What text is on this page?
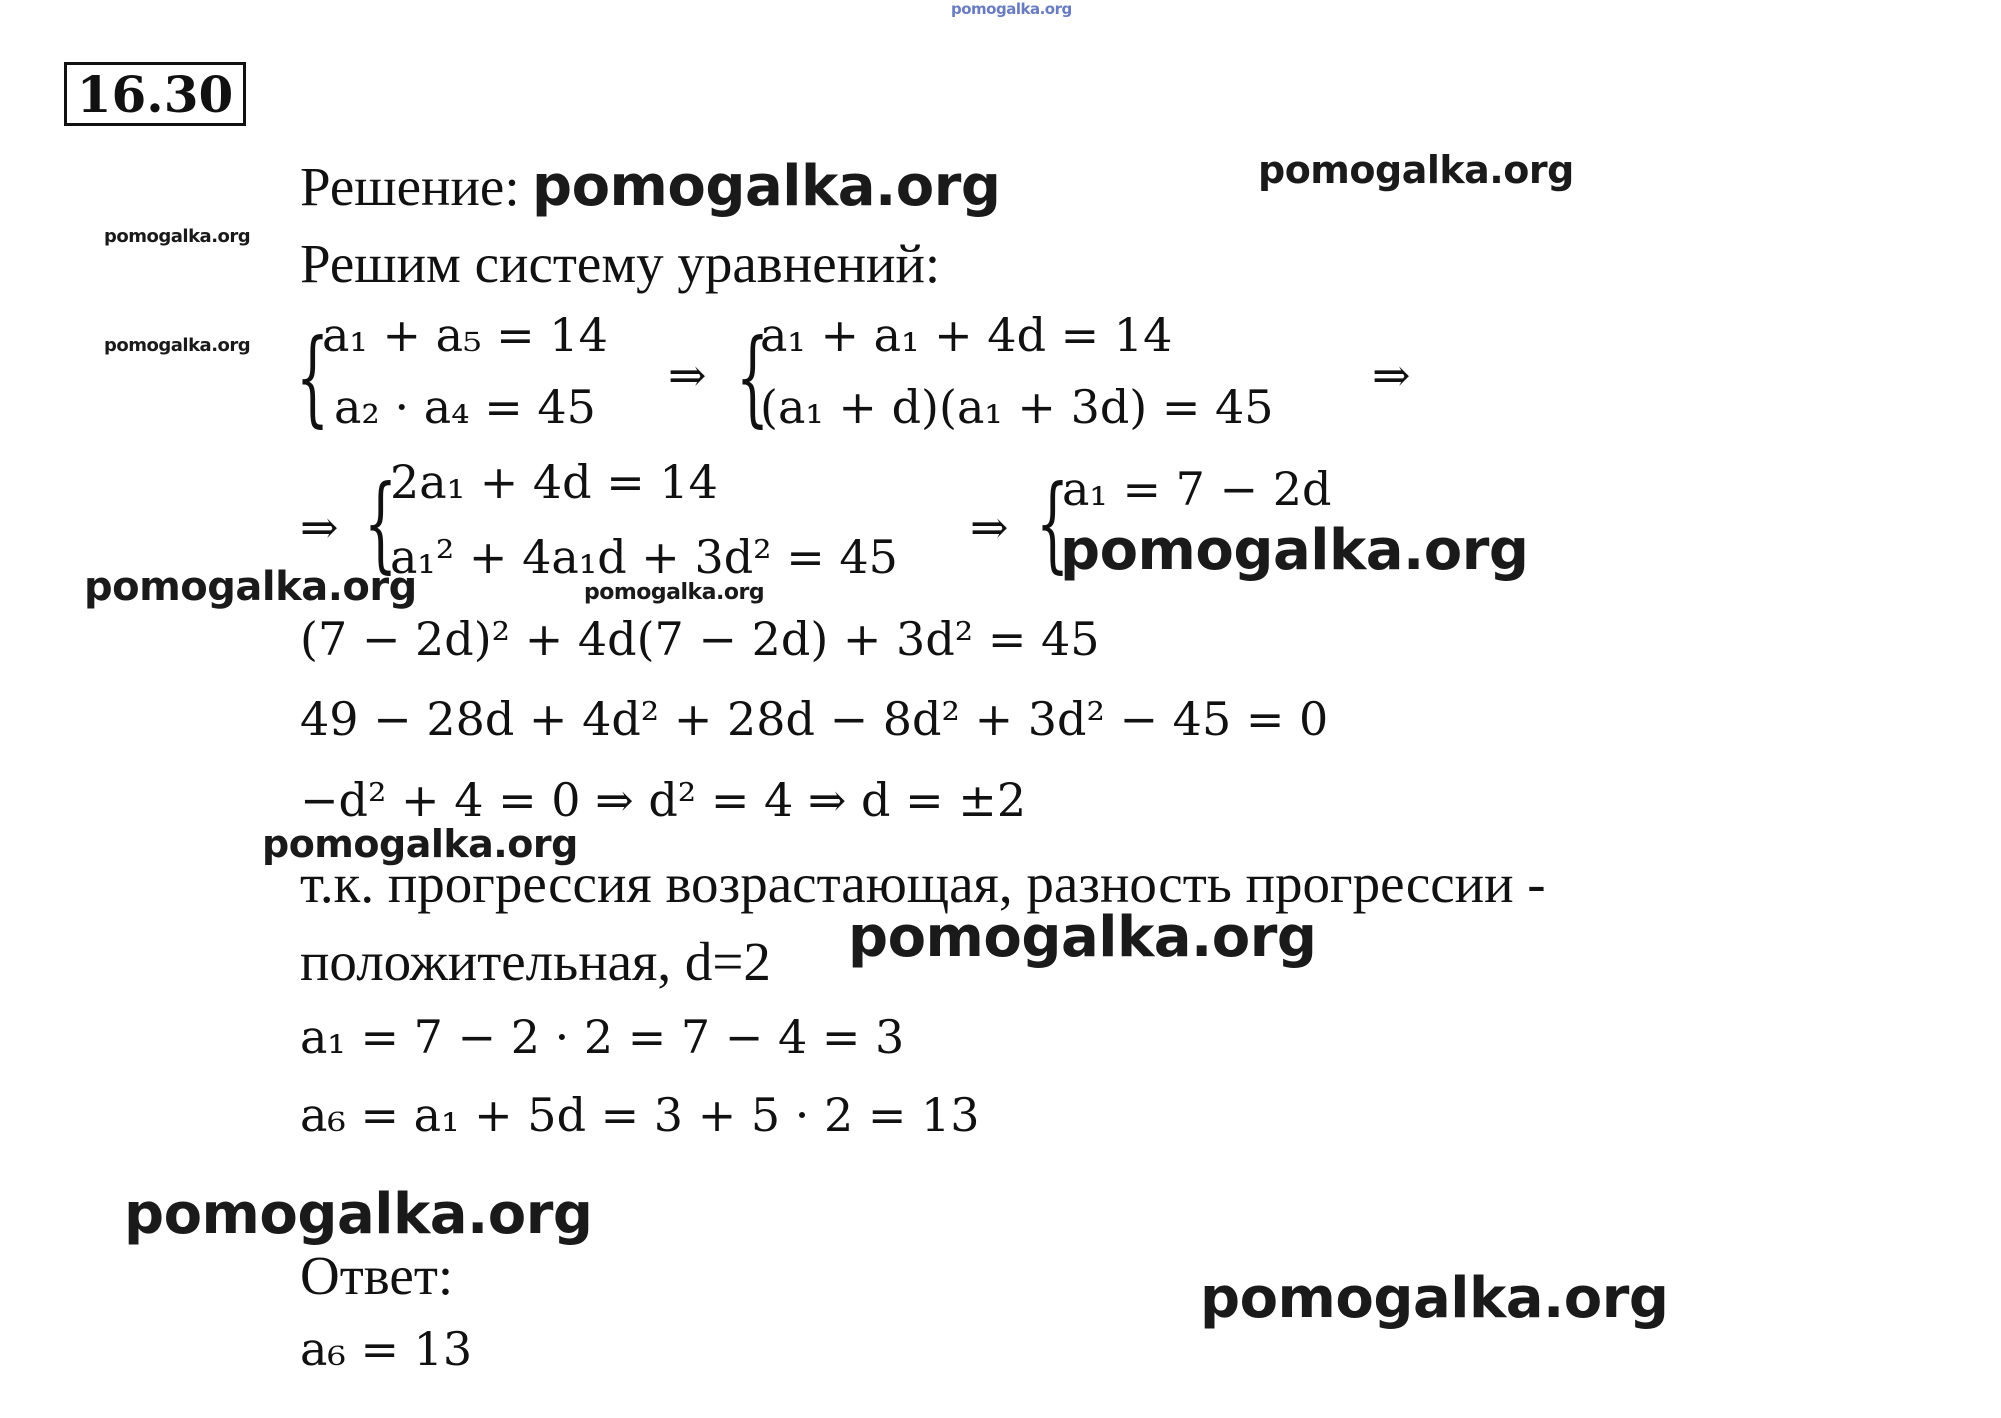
pomogalka.org
pomogalka.org
pomogalka.org
pomogalka.org
pomogalka.org	pomogalka.org
pomogalka.org
pomogalka.org
pomogalka.org
pomogalka.org
16.30
Решение: pomogalka.org
Решим систему уравнений:
{
a₁ + a₅ = 14
a₂ · a₄ = 45
⇒ {
a₁ + a₁ + 4d = 14
(a₁ + d)(a₁ + 3d) = 45
⇒
⇒ {
2a₁ + 4d = 14
a₁² + 4a₁d + 3d² = 45
⇒ {
a₁ = 7 − 2d
pomogalka.org
(7 − 2d)² + 4d(7 − 2d) + 3d² = 45
49 − 28d + 4d² + 28d − 8d² + 3d² − 45 = 0
−d² + 4 = 0 ⇒ d² = 4 ⇒ d = ±2
т.к. прогрессия возрастающая, разность прогрессии -
положительная, d=2
a₁ = 7 − 2 · 2 = 7 − 4 = 3
a₆ = a₁ + 5d = 3 + 5 · 2 = 13
Ответ:
a₆ = 13
